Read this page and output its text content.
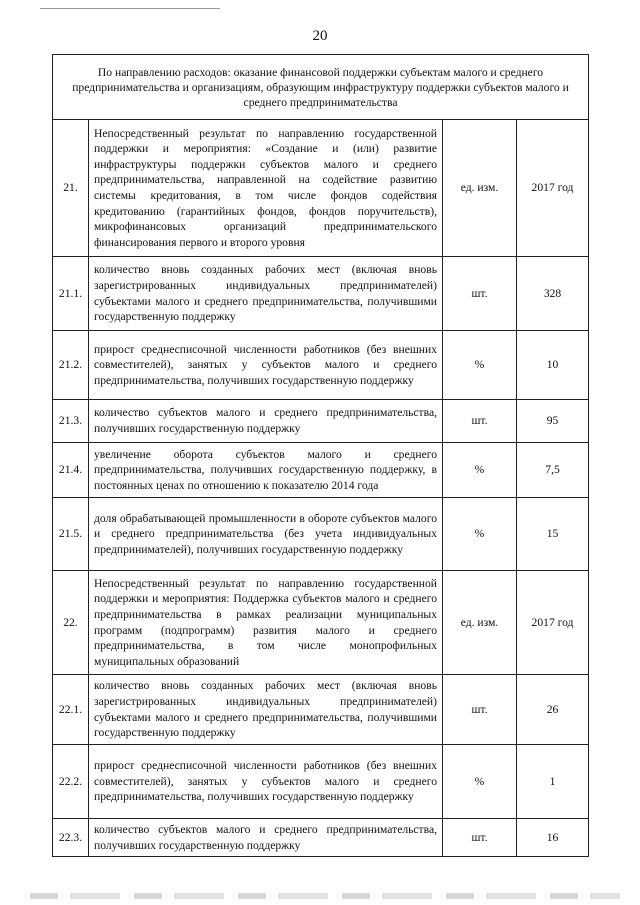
20
По направлению расходов: оказание финансовой поддержки субъектам малого и среднего предпринимательства и организациям, образующим инфраструктуру поддержки субъектов малого и среднего предпринимательства			
21.	Непосредственный результат по направлению государственной поддержки и мероприятия: «Создание и (или) развитие инфраструктуры поддержки субъектов малого и среднего предпринимательства, направленной на содействие развитию системы кредитования, в том числе фондов содействия кредитованию (гарантийных фондов, фондов поручительств), микрофинансовых организаций предпринимательского финансирования первого и второго уровня	ед. изм.	2017 год
21.1.	количество вновь созданных рабочих мест (включая вновь зарегистрированных индивидуальных предпринимателей) субъектами малого и среднего предпринимательства, получившими государственную поддержку	шт.	328
21.2.	прирост среднесписочной численности работников (без внешних совместителей), занятых у субъектов малого и среднего предпринимательства, получивших государственную поддержку	%	10
21.3.	количество субъектов малого и среднего предпринимательства, получивших государственную поддержку	шт.	95
21.4.	увеличение оборота субъектов малого и среднего предпринимательства, получивших государственную поддержку, в постоянных ценах по отношению к показателю 2014 года	%	7,5
21.5.	доля обрабатывающей промышленности в обороте субъектов малого и среднего предпринимательства (без учета индивидуальных предпринимателей), получивших государственную поддержку	%	15
22.	Непосредственный результат по направлению государственной поддержки и мероприятия: Поддержка субъектов малого и среднего предпринимательства в рамках реализации муниципальных программ (подпрограмм) развития малого и среднего предпринимательства, в том числе монопрофильных муниципальных образований	ед. изм.	2017 год
22.1.	количество вновь созданных рабочих мест (включая вновь зарегистрированных индивидуальных предпринимателей) субъектами малого и среднего предпринимательства, получившими государственную поддержку	шт.	26
22.2.	прирост среднесписочной численности работников (без внешних совместителей), занятых у субъектов малого и среднего предпринимательства, получивших государственную поддержку	%	1
22.3.	количество субъектов малого и среднего предпринимательства, получивших государственную поддержку	шт.	16
